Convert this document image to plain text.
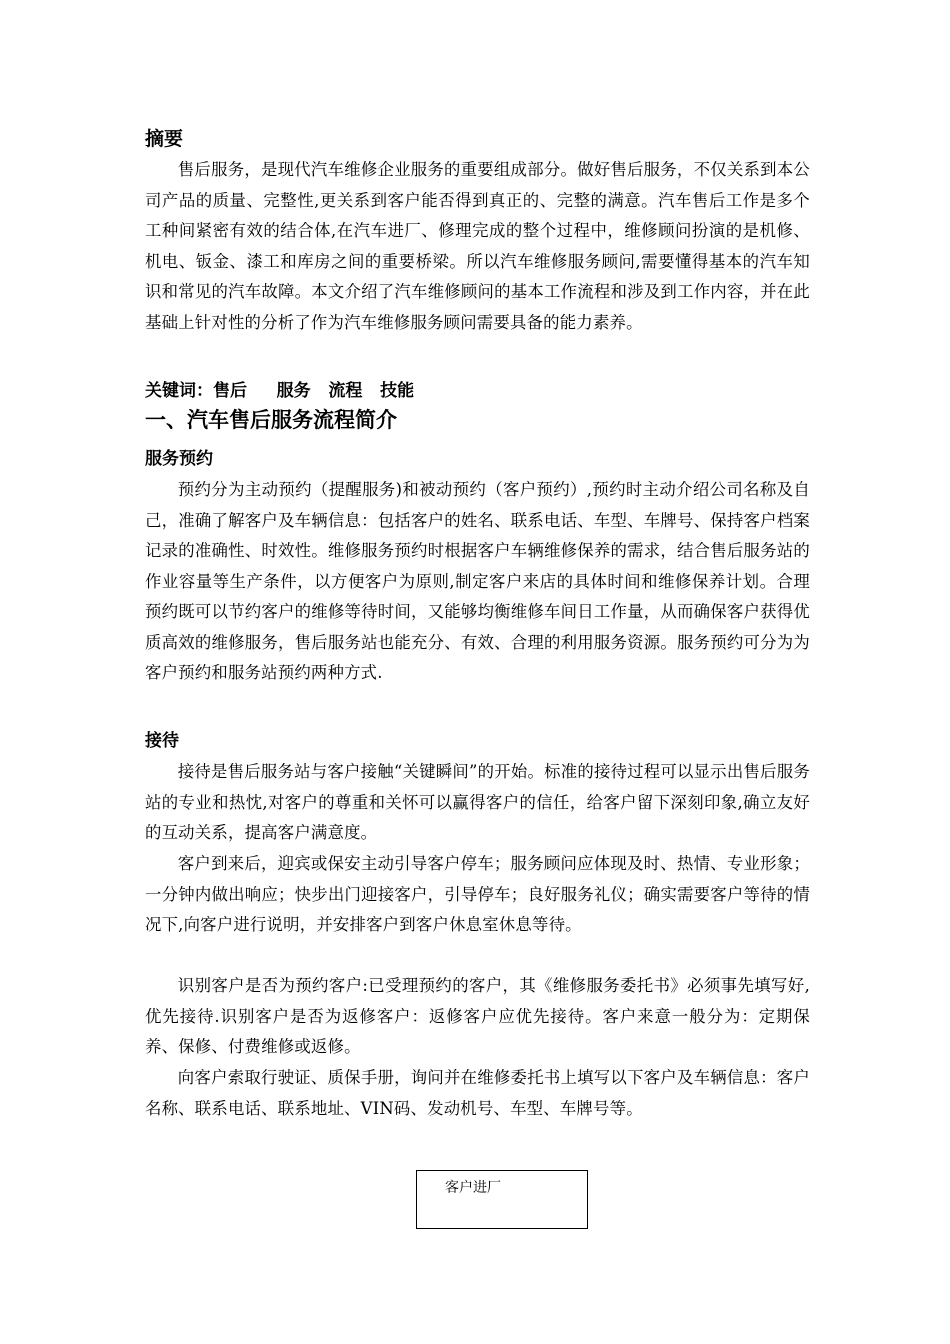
摘要

售后服务，是现代汽车维修企业服务的重要组成部分。做好售后服务，不仅关系到本公司产品的质量、完整性,更关系到客户能否得到真正的、完整的满意。汽车售后工作是多个工种间紧密有效的结合体,在汽车进厂、修理完成的整个过程中，维修顾问扮演的是机修、机电、钣金、漆工和库房之间的重要桥梁。所以汽车维修服务顾问,需要懂得基本的汽车知识和常见的汽车故障。本文介绍了汽车维修顾问的基本工作流程和涉及到工作内容，并在此基础上针对性的分析了作为汽车维修服务顾问需要具备的能力素养。

关键词：售后     服务   流程   技能
一、汽车售后服务流程简介
服务预约

预约分为主动预约（提醒服务)和被动预约（客户预约）,预约时主动介绍公司名称及自己，准确了解客户及车辆信息：包括客户的姓名、联系电话、车型、车牌号、保持客户档案记录的准确性、时效性。维修服务预约时根据客户车辆维修保养的需求，结合售后服务站的作业容量等生产条件，以方便客户为原则,制定客户来店的具体时间和维修保养计划。合理预约既可以节约客户的维修等待时间，又能够均衡维修车间日工作量，从而确保客户获得优质高效的维修服务，售后服务站也能充分、有效、合理的利用服务资源。服务预约可分为为客户预约和服务站预约两种方式.

接待

接待是售后服务站与客户接触“关键瞬间”的开始。标准的接待过程可以显示出售后服务站的专业和热忱,对客户的尊重和关怀可以赢得客户的信任，给客户留下深刻印象,确立友好的互动关系，提高客户满意度。

客户到来后，迎宾或保安主动引导客户停车；服务顾问应体现及时、热情、专业形象；一分钟内做出响应；快步出门迎接客户，引导停车；良好服务礼仪；确实需要客户等待的情况下,向客户进行说明，并安排客户到客户休息室休息等待。

识别客户是否为预约客户:已受理预约的客户，其《维修服务委托书》必须事先填写好,优先接待.识别客户是否为返修客户：返修客户应优先接待。客户来意一般分为：定期保养、保修、付费维修或返修。

向客户索取行驶证、质保手册，询问并在维修委托书上填写以下客户及车辆信息：客户名称、联系电话、联系地址、VIN码、发动机号、车型、车牌号等。

客户进厂
